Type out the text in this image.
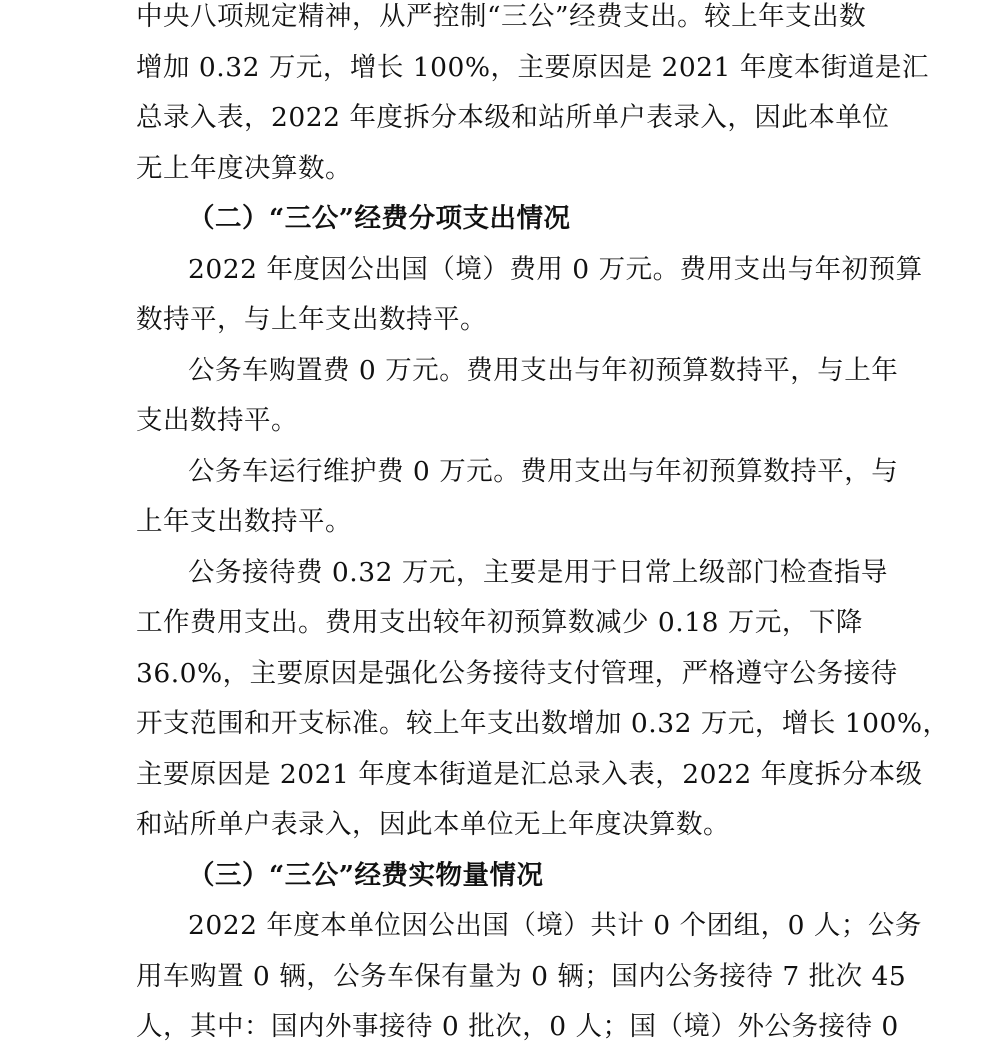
中央八项规定精神，从严控制“三公”经费支出。较上年支出数
增加 0.32 万元，增长 100%，主要原因是 2021 年度本街道是汇
总录入表，2022 年度拆分本级和站所单户表录入，因此本单位
无上年度决算数。
（二）“三公”经费分项支出情况
2022 年度因公出国（境）费用 0 万元。费用支出与年初预算
数持平，与上年支出数持平。
公务车购置费 0 万元。费用支出与年初预算数持平，与上年
支出数持平。
公务车运行维护费 0 万元。费用支出与年初预算数持平，与
上年支出数持平。
公务接待费 0.32 万元，主要是用于日常上级部门检查指导
工作费用支出。费用支出较年初预算数减少 0.18 万元，下降
36.0%，主要原因是强化公务接待支付管理，严格遵守公务接待
开支范围和开支标准。较上年支出数增加 0.32 万元，增长 100%，
主要原因是 2021 年度本街道是汇总录入表，2022 年度拆分本级
和站所单户表录入，因此本单位无上年度决算数。
（三）“三公”经费实物量情况
2022 年度本单位因公出国（境）共计 0 个团组，0 人；公务
用车购置 0 辆，公务车保有量为 0 辆；国内公务接待 7 批次 45
人，其中：国内外事接待 0 批次，0 人；国（境）外公务接待 0
